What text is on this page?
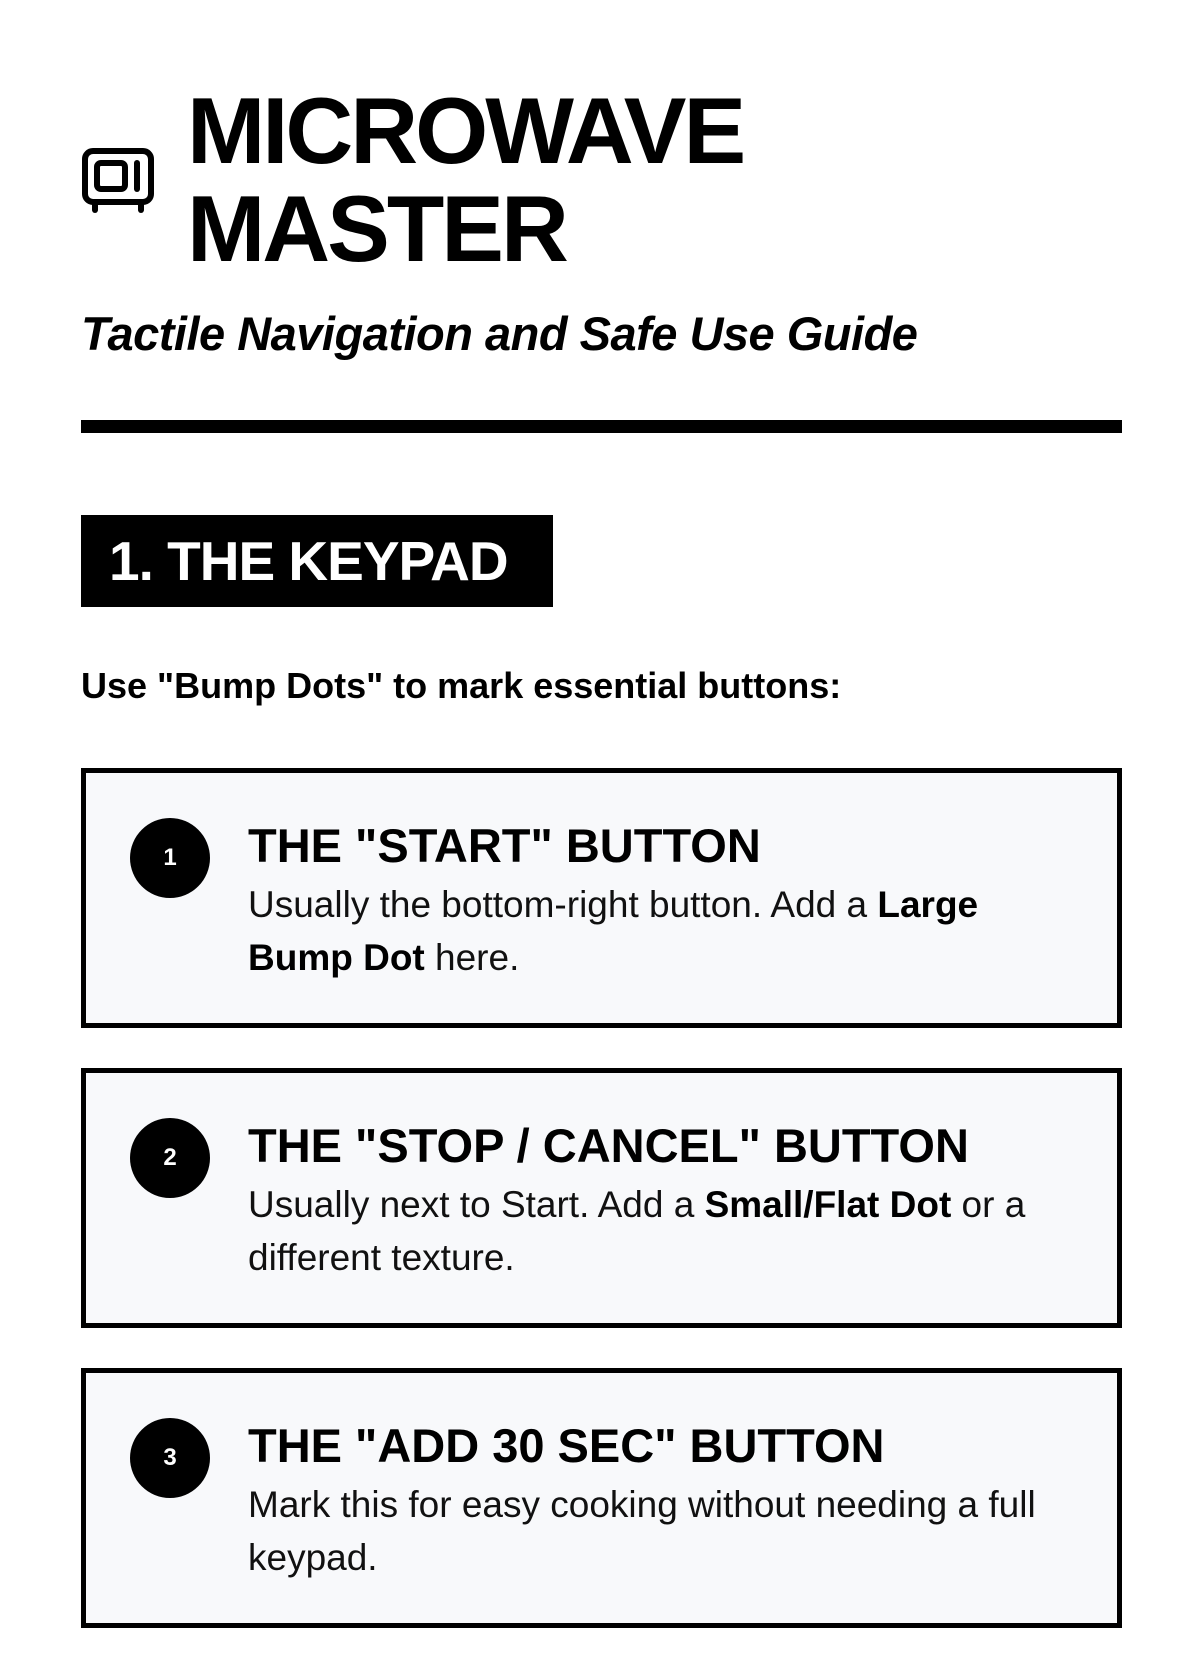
MICROWAVE
MASTER

Tactile Navigation and Safe Use Guide

1. THE KEYPAD

Use "Bump Dots" to mark essential buttons:

1	THE "START" BUTTON

Usually the bottom-right button. Add a Large Bump Dot here.

2	THE "STOP / CANCEL" BUTTON

Usually next to Start. Add a Small/Flat Dot or a different texture.

3	THE "ADD 30 SEC" BUTTON

Mark this for easy cooking without needing a full keypad.
